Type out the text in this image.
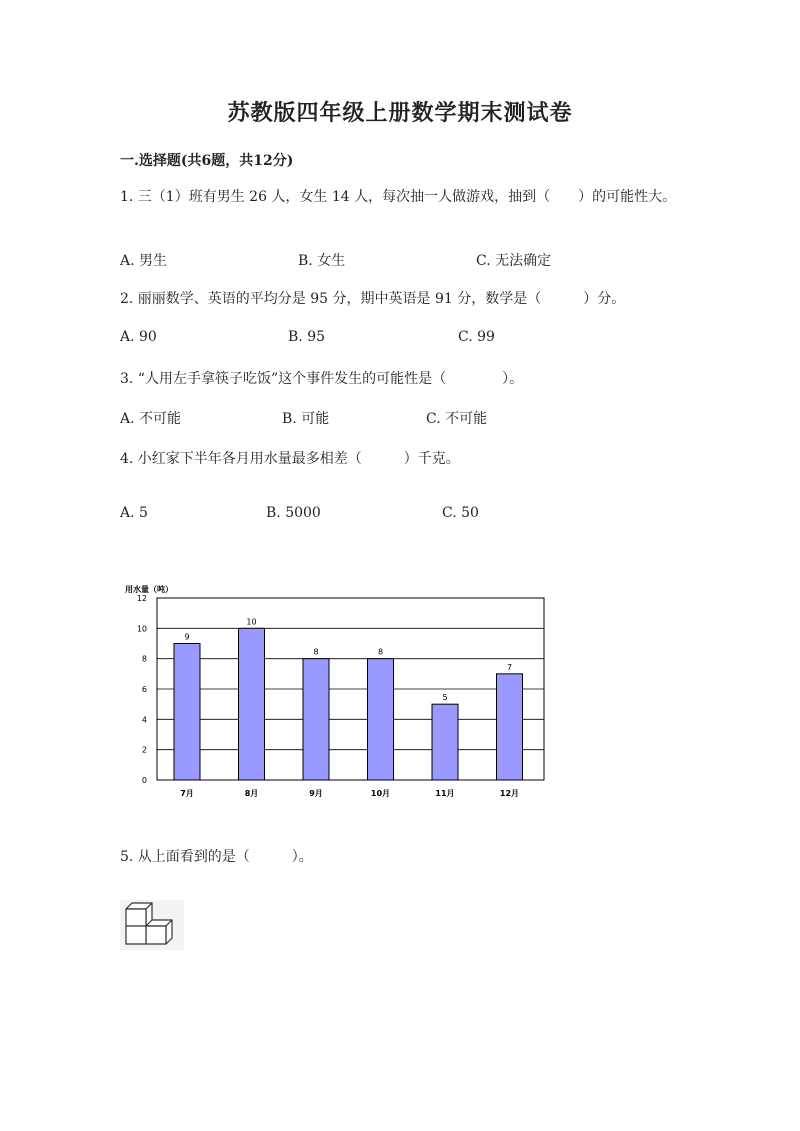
苏教版四年级上册数学期末测试卷
一.选择题(共6题，共12分)
1. 三（1）班有男生 26 人，女生 14 人，每次抽一人做游戏，抽到（　　）的可能性大。
A. 男生	B. 女生	C. 无法确定
2. 丽丽数学、英语的平均分是 95 分，期中英语是 91 分，数学是（　　　）分。
A. 90	B. 95	C. 99
3. “人用左手拿筷子吃饭”这个事件发生的可能性是（　　　　）。
A. 不可能	B. 可能	C. 不可能
4. 小红家下半年各月用水量最多相差（　　　）千克。
A. 5	B. 5000	C. 50
用水量（吨）
0
2
4
6
8
10
12
9
10
8	8
5
7
7月	8月	9月	10月	11月	12月
5. 从上面看到的是（　　　）。
